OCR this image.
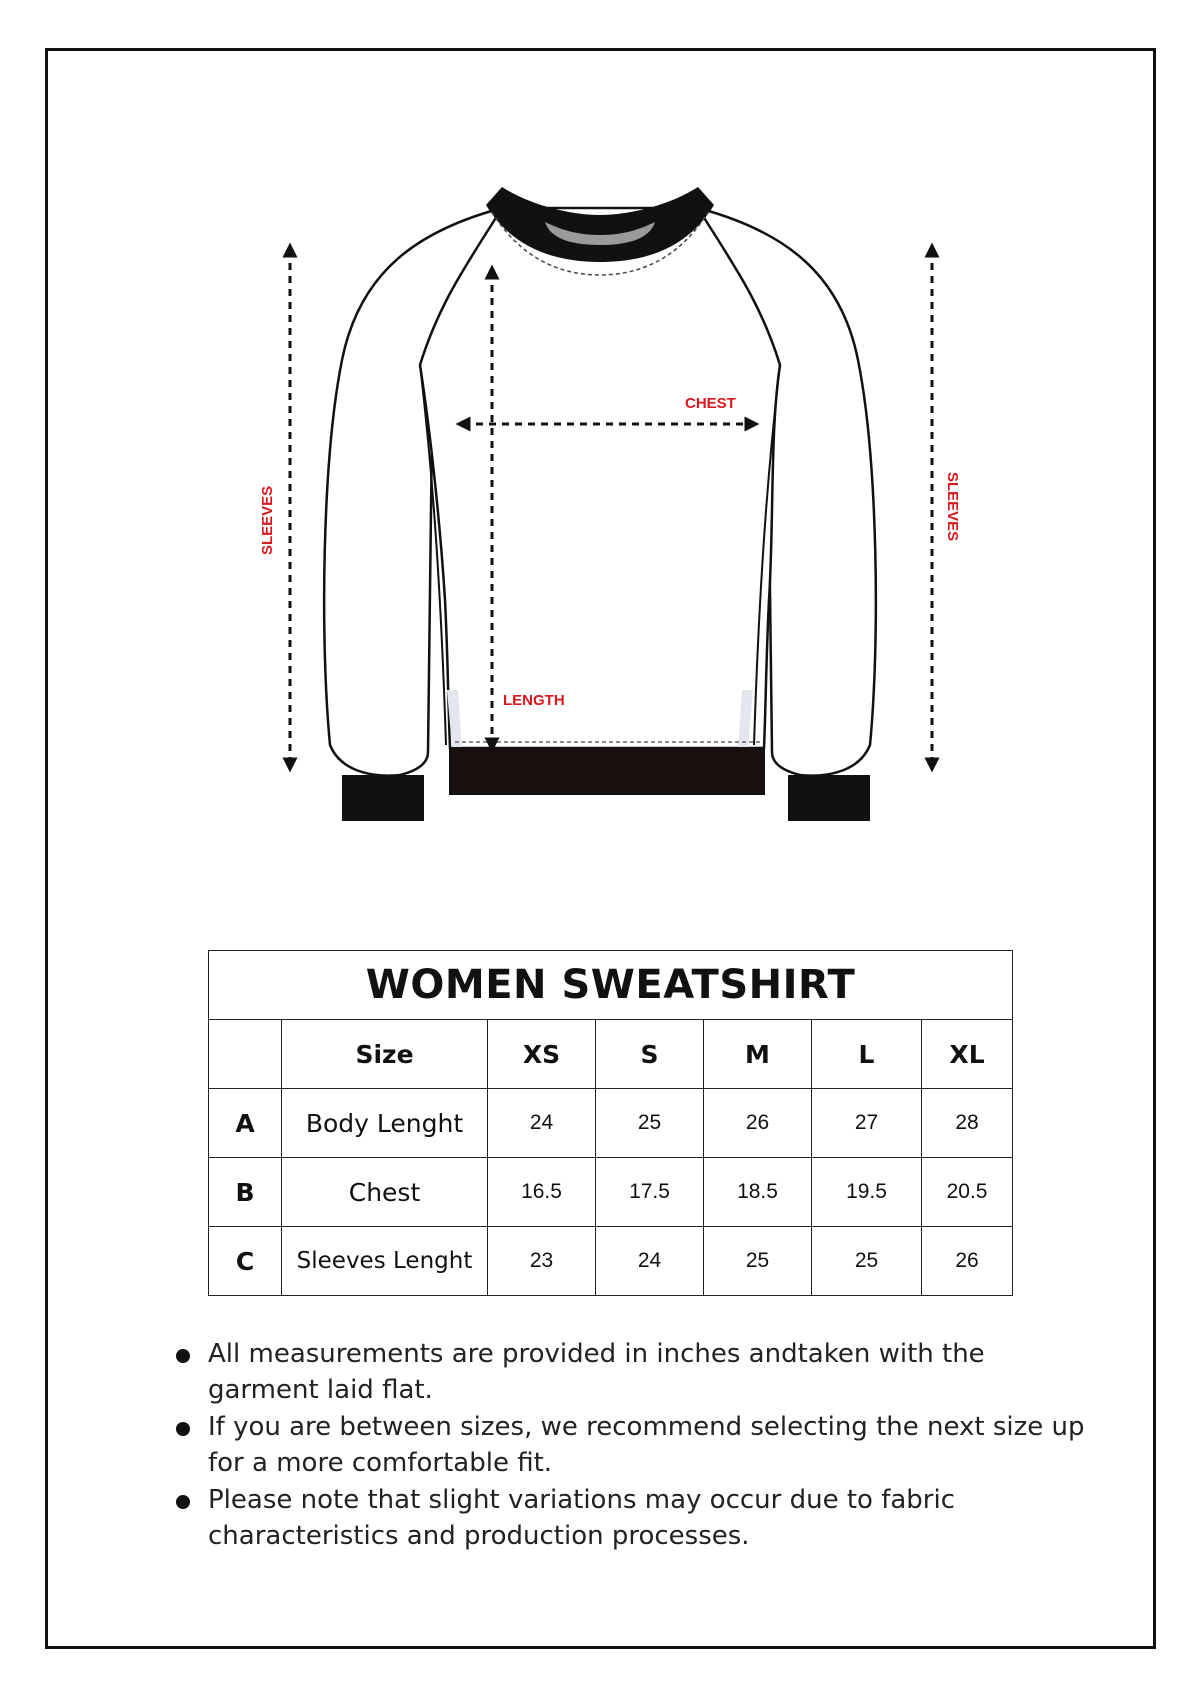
CHEST
LENGTH
SLEEVES	SLEEVES
WOMEN SWEATSHIRT						
	Size	XS	S	M	L	XL
A	Body Lenght	24	25	26	27	28
B	Chest	16.5	17.5	18.5	19.5	20.5
C	Sleeves Lenght	23	24	25	25	26
All measurements are provided in inches andtaken with the garment laid flat.
If you are between sizes, we recommend selecting the next size up for a more comfortable fit.
Please note that slight variations may occur due to fabric characteristics and production processes.
